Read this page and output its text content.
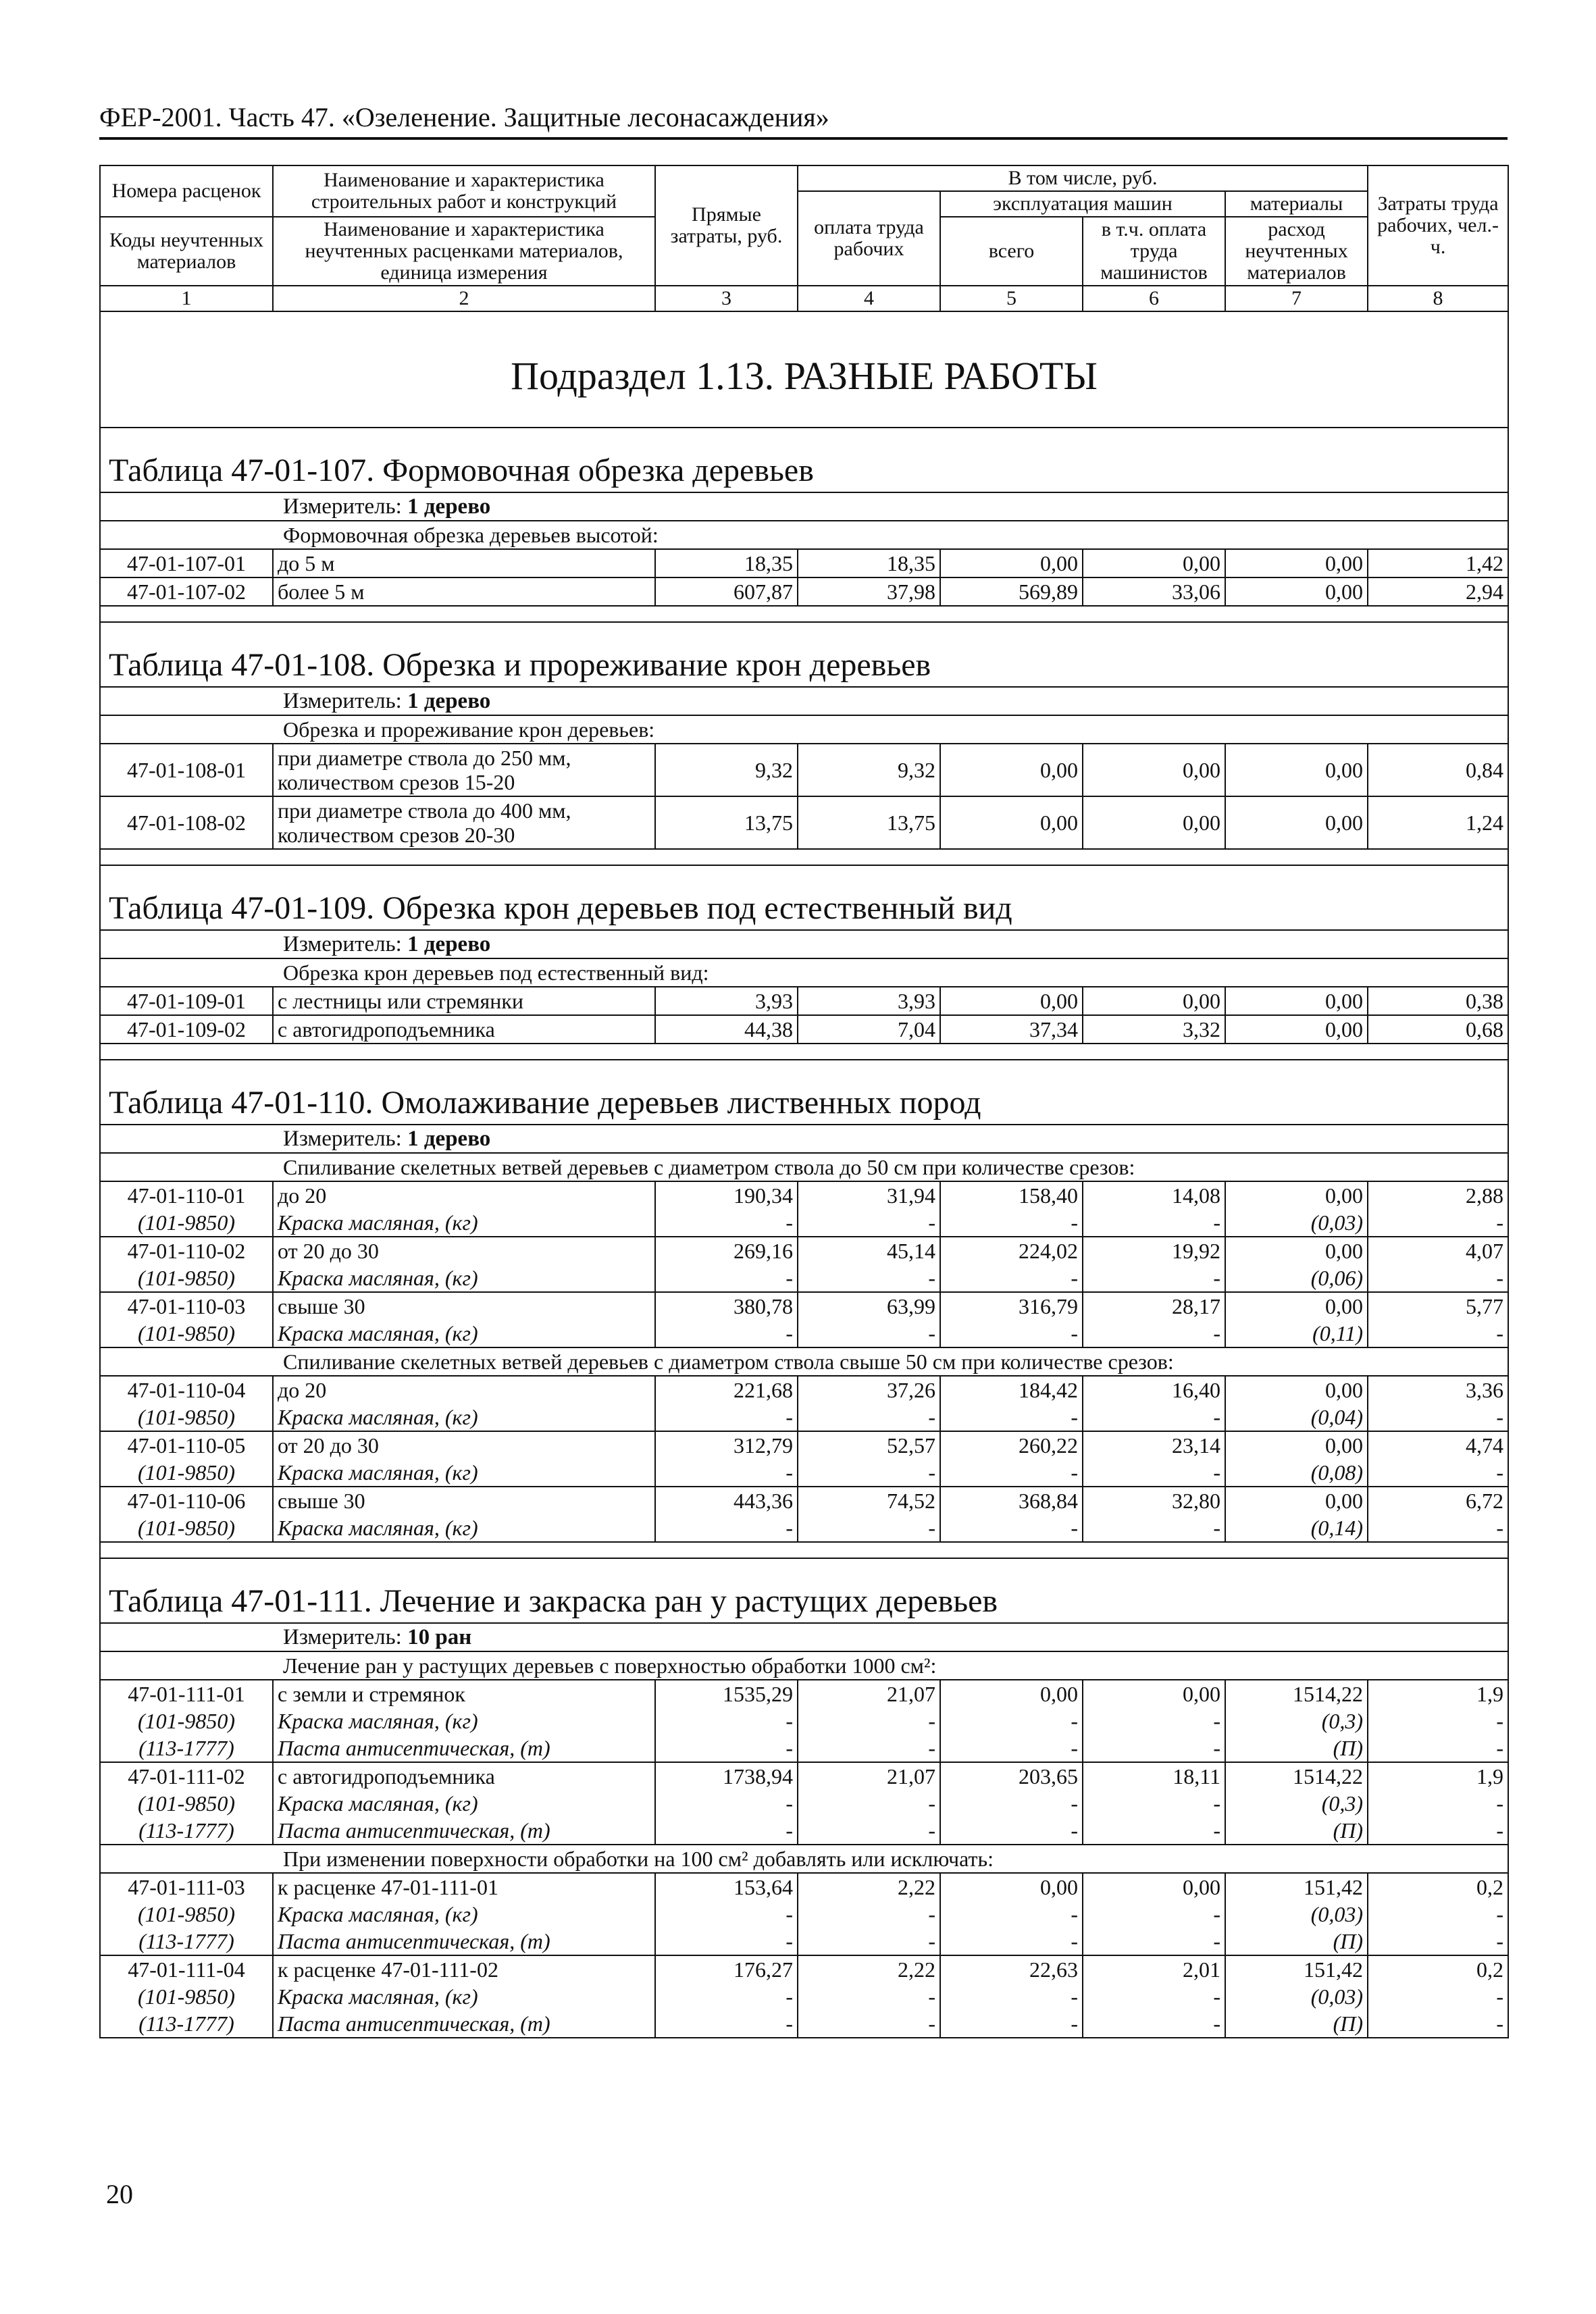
ФЕР-2001. Часть 47. «Озеленение. Защитные лесонасаждения»
Номера расценок	Наименование и характеристика строительных работ и конструкций	Прямые затраты, руб.	В том числе, руб.				Затраты труда рабочих, чел.-ч.
			оплата труда рабочих	эксплуатация машин		материалы	
Коды неучтенных материалов	Наименование и характеристика неучтенных расценками материалов, единица измерения			всего	в т.ч. оплата труда машинистов	расход неучтенных материалов	

1	2	3	4	5	6	7	8
Подраздел 1.13. РАЗНЫЕ РАБОТЫ							
Таблица 47-01-107. Формовочная обрезка деревьев							
Измеритель: 1 дерево							
Формовочная обрезка деревьев высотой:							
47-01-107-01	до 5 м	18,35	18,35	0,00	0,00	0,00	1,42
47-01-107-02	более 5 м	607,87	37,98	569,89	33,06	0,00	2,94

Таблица 47-01-108. Обрезка и прореживание крон деревьев							
Измеритель: 1 дерево							
Обрезка и прореживание крон деревьев:							
47-01-108-01	при диаметре ствола до 250 мм, количеством срезов 15-20	9,32	9,32	0,00	0,00	0,00	0,84
47-01-108-02	при диаметре ствола до 400 мм, количеством срезов 20-30	13,75	13,75	0,00	0,00	0,00	1,24

Таблица 47-01-109. Обрезка крон деревьев под естественный вид							
Измеритель: 1 дерево							
Обрезка крон деревьев под естественный вид:							
47-01-109-01	с лестницы или стремянки	3,93	3,93	0,00	0,00	0,00	0,38
47-01-109-02	с автогидроподъемника	44,38	7,04	37,34	3,32	0,00	0,68

Таблица 47-01-110. Омолаживание деревьев лиственных пород							
Измеритель: 1 дерево							
Спиливание скелетных ветвей деревьев с диаметром ствола до 50 см при количестве срезов:							
47-01-110-01	до 20	190,34	31,94	158,40	14,08	0,00	2,88
(101-9850)	Краска масляная, (кг)	-	-	-	-	(0,03)	-
47-01-110-02	от 20 до 30	269,16	45,14	224,02	19,92	0,00	4,07
(101-9850)	Краска масляная, (кг)	-	-	-	-	(0,06)	-
47-01-110-03	свыше 30	380,78	63,99	316,79	28,17	0,00	5,77
(101-9850)	Краска масляная, (кг)	-	-	-	-	(0,11)	-
Спиливание скелетных ветвей деревьев с диаметром ствола свыше 50 см при количестве срезов:							
47-01-110-04	до 20	221,68	37,26	184,42	16,40	0,00	3,36
(101-9850)	Краска масляная, (кг)	-	-	-	-	(0,04)	-
47-01-110-05	от 20 до 30	312,79	52,57	260,22	23,14	0,00	4,74
(101-9850)	Краска масляная, (кг)	-	-	-	-	(0,08)	-
47-01-110-06	свыше 30	443,36	74,52	368,84	32,80	0,00	6,72
(101-9850)	Краска масляная, (кг)	-	-	-	-	(0,14)	-

Таблица 47-01-111. Лечение и закраска ран у растущих деревьев							
Измеритель: 10 ран							
Лечение ран у растущих деревьев с поверхностью обработки 1000 см²:							
47-01-111-01	с земли и стремянок	1535,29	21,07	0,00	0,00	1514,22	1,9
(101-9850)	Краска масляная, (кг)	-	-	-	-	(0,3)	-
(113-1777)	Паста антисептическая, (т)	-	-	-	-	(П)	-
47-01-111-02	с автогидроподъемника	1738,94	21,07	203,65	18,11	1514,22	1,9
(101-9850)	Краска масляная, (кг)	-	-	-	-	(0,3)	-
(113-1777)	Паста антисептическая, (т)	-	-	-	-	(П)	-
При изменении поверхности обработки на 100 см² добавлять или исключать:							
47-01-111-03	к расценке 47-01-111-01	153,64	2,22	0,00	0,00	151,42	0,2
(101-9850)	Краска масляная, (кг)	-	-	-	-	(0,03)	-
(113-1777)	Паста антисептическая, (т)	-	-	-	-	(П)	-
47-01-111-04	к расценке 47-01-111-02	176,27	2,22	22,63	2,01	151,42	0,2
(101-9850)	Краска масляная, (кг)	-	-	-	-	(0,03)	-
(113-1777)	Паста антисептическая, (т)	-	-	-	-	(П)	-
20
